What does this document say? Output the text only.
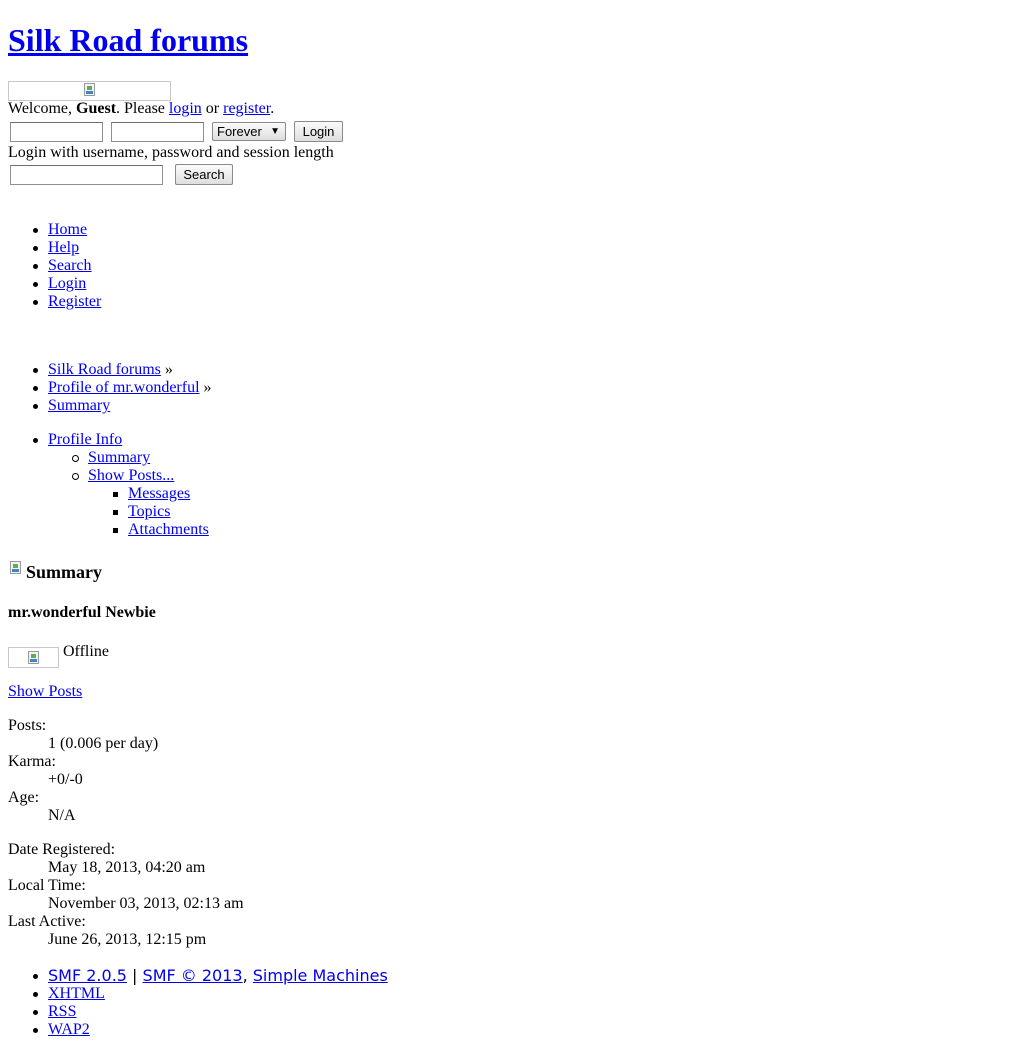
Silk Road forums
Welcome, Guest. Please login or register.
Forever ▼	Login
Login with username, password and session length
Search
Home
Help
Search
Login
Register
Silk Road forums »
Profile of mr.wonderful »
Summary
Profile Info
Summary
Show Posts...
Messages
Topics
Attachments
Summary
mr.wonderful Newbie
Offline
Show Posts
Posts:
1 (0.006 per day)
Karma:
+0/-0
Age:
N/A
Date Registered:
May 18, 2013, 04:20 am
Local Time:
November 03, 2013, 02:13 am
Last Active:
June 26, 2013, 12:15 pm
SMF 2.0.5 | SMF © 2013, Simple Machines
XHTML
RSS
WAP2
